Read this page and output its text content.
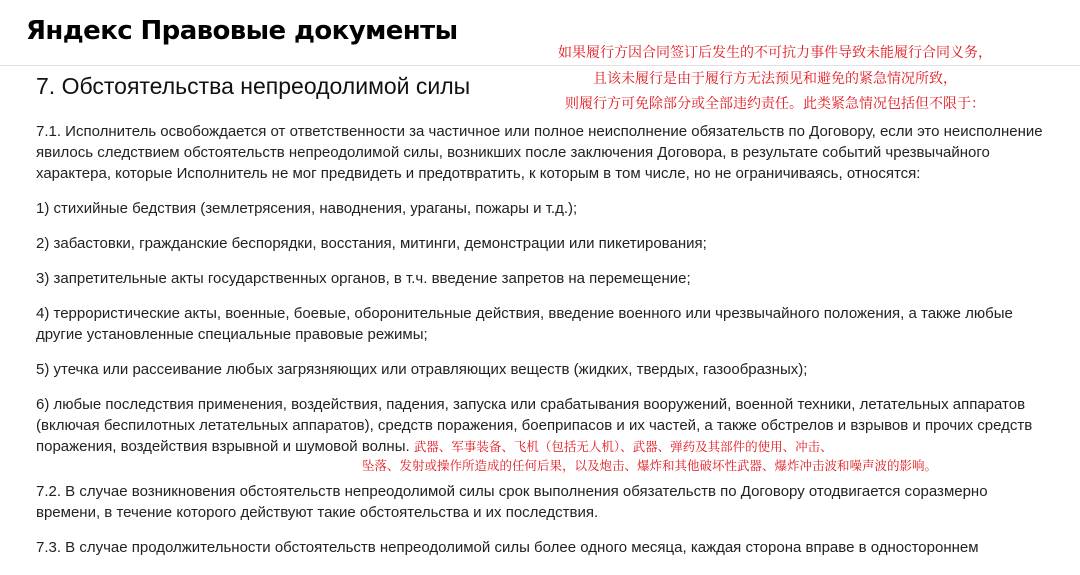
Яндекс Правовые документы
7. Обстоятельства непреодолимой силы
如果履行方因合同签订后发生的不可抗力事件导致未能履行合同义务，
且该未履行是由于履行方无法预见和避免的紧急情况所致，
则履行方可免除部分或全部违约责任。此类紧急情况包括但不限于：

7.1. Исполнитель освобождается от ответственности за частичное или полное неисполнение обязательств по Договору, если это неисполнение явилось следствием обстоятельств непреодолимой силы, возникших после заключения Договора, в результате событий чрезвычайного характера, которые Исполнитель не мог предвидеть и предотвратить, к которым в том числе, но не ограничиваясь, относятся:

1) стихийные бедствия (землетрясения, наводнения, ураганы, пожары и т.д.);

2) забастовки, гражданские беспорядки, восстания, митинги, демонстрации или пикетирования;

3) запретительные акты государственных органов, в т.ч. введение запретов на перемещение;

4) террористические акты, военные, боевые, оборонительные действия, введение военного или чрезвычайного положения, а также любые другие установленные специальные правовые режимы;

5) утечка или рассеивание любых загрязняющих или отравляющих веществ (жидких, твердых, газообразных);

6) любые последствия применения, воздействия, падения, запуска или срабатывания вооружений, военной техники, летательных аппаратов (включая беспилотных летательных аппаратов), средств поражения, боеприпасов и их частей, а также обстрелов и взрывов и прочих средств поражения, воздействия взрывной и шумовой волны. 武器、军事装备、飞机（包括无人机）、武器、弹药及其部件的使用、冲击、

坠落、发射或操作所造成的任何后果，以及炮击、爆炸和其他破坏性武器、爆炸冲击波和噪声波的影响。

7.2. В случае возникновения обстоятельств непреодолимой силы срок выполнения обязательств по Договору отодвигается соразмерно времени, в течение которого действуют такие обстоятельства и их последствия.

7.3. В случае продолжительности обстоятельств непреодолимой силы более одного месяца, каждая сторона вправе в одностороннем
